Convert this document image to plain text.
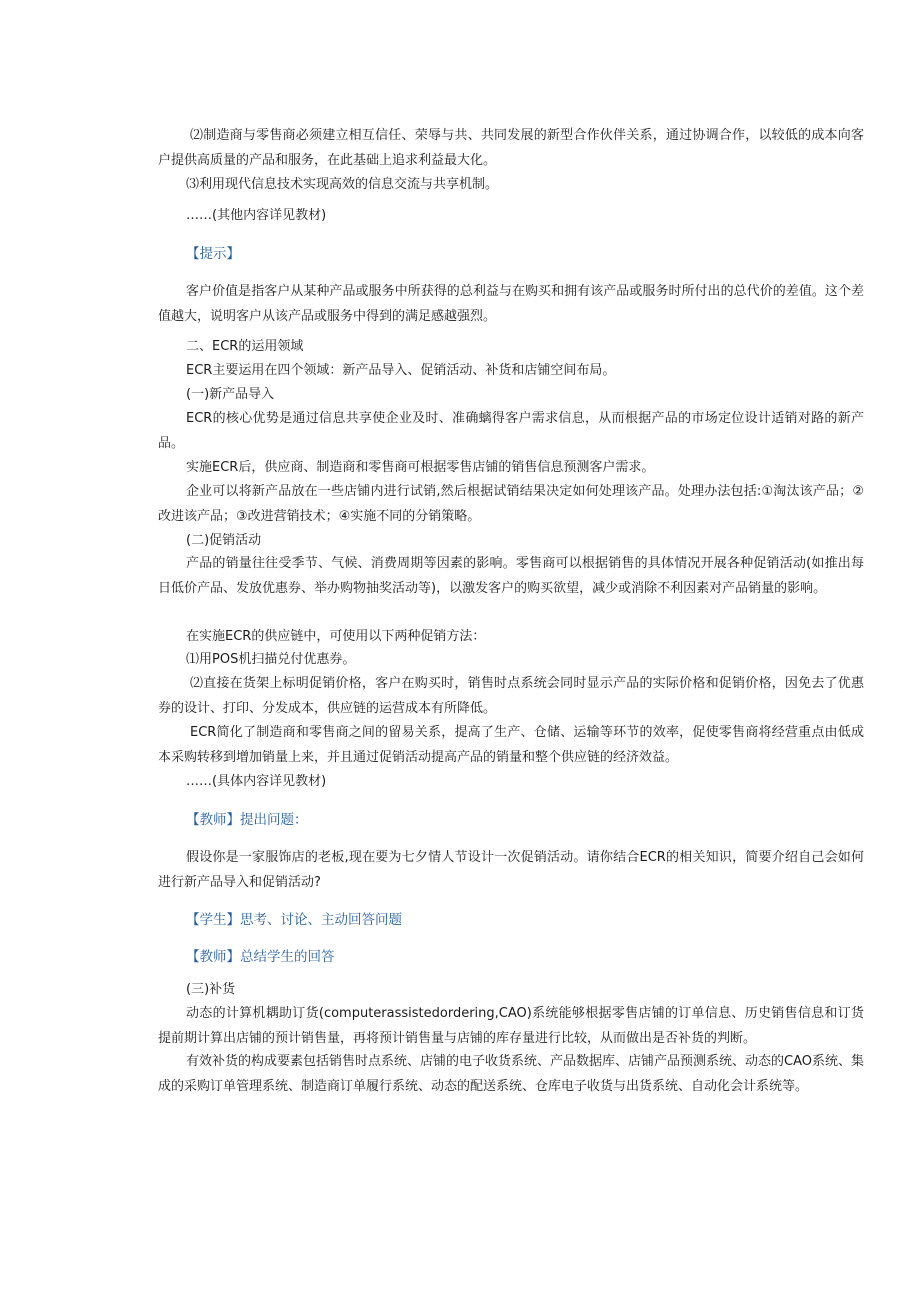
⑵制造商与零售商必须建立相互信任、荣辱与共、共同发展的新型合作伙伴关系，通过协调合作，以较低的成本向客户提供高质量的产品和服务，在此基础上追求利益最大化。

⑶利用现代信息技术实现高效的信息交流与共享机制。

……(其他内容详见教材)

【提示】

客户价值是指客户从某种产品或服务中所获得的总利益与在购买和拥有该产品或服务时所付出的总代价的差值。这个差值越大，说明客户从该产品或服务中得到的满足感越强烈。

二、ECR的运用领域

ECR主要运用在四个领域：新产品导入、促销活动、补货和店铺空间布局。

(一)新产品导入

ECR的核心优势是通过信息共享使企业及时、准确螭得客户需求信息，从而根据产品的市场定位设计适销对路的新产品。

实施ECR后，供应商、制造商和零售商可根据零售店铺的销售信息预测客户需求。

企业可以将新产品放在一些店铺内进行试销,然后根据试销结果决定如何处理该产品。处理办法包括:①淘汰该产品；②改进该产品；③改进营销技术；④实施不同的分销策略。

(二)促销活动

产品的销量往往受季节、气候、消费周期等因素的影响。零售商可以根据销售的具体情况开展各种促销活动(如推出每日低价产品、发放优惠券、举办购物抽奖活动等)，以激发客户的购买欲望，减少或消除不利因素对产品销量的影响。

在实施ECR的供应链中，可使用以下两种促销方法：

⑴用POS机扫描兑付优惠券。

⑵直接在货架上标明促销价格，客户在购买时，销售时点系统会同时显示产品的实际价格和促销价格，因免去了优惠券的设计、打印、分发成本，供应链的运营成本有所降低。

ECR简化了制造商和零售商之间的留易关系，提高了生产、仓储、运输等环节的效率，促使零售商将经营重点由低成本采购转移到增加销量上来，并且通过促销活动提高产品的销量和整个供应链的经济效益。

……(具体内容详见教材)

【教师】提出问题：

假设你是一家服饰店的老板,现在要为七夕情人节设计一次促销活动。请你结合ECR的相关知识，简要介绍自己会如何进行新产品导入和促销活动?

【学生】思考、讨论、主动回答问题

【教师】总结学生的回答

(三)补货

动态的计算机耦助订货(computerassistedordering,CAO)系统能够根据零售店铺的订单信息、历史销售信息和订货提前期计算出店铺的预计销售量，再将预计销售量与店铺的库存量进行比较，从而做出是否补货的判断。

有效补货的构成要素包括销售时点系统、店铺的电子收货系统、产品数据库、店铺产品预测系统、动态的CAO系统、集成的采购订单管理系统、制造商订单履行系统、动态的配送系统、仓库电子收货与出货系统、自动化会计系统等。
